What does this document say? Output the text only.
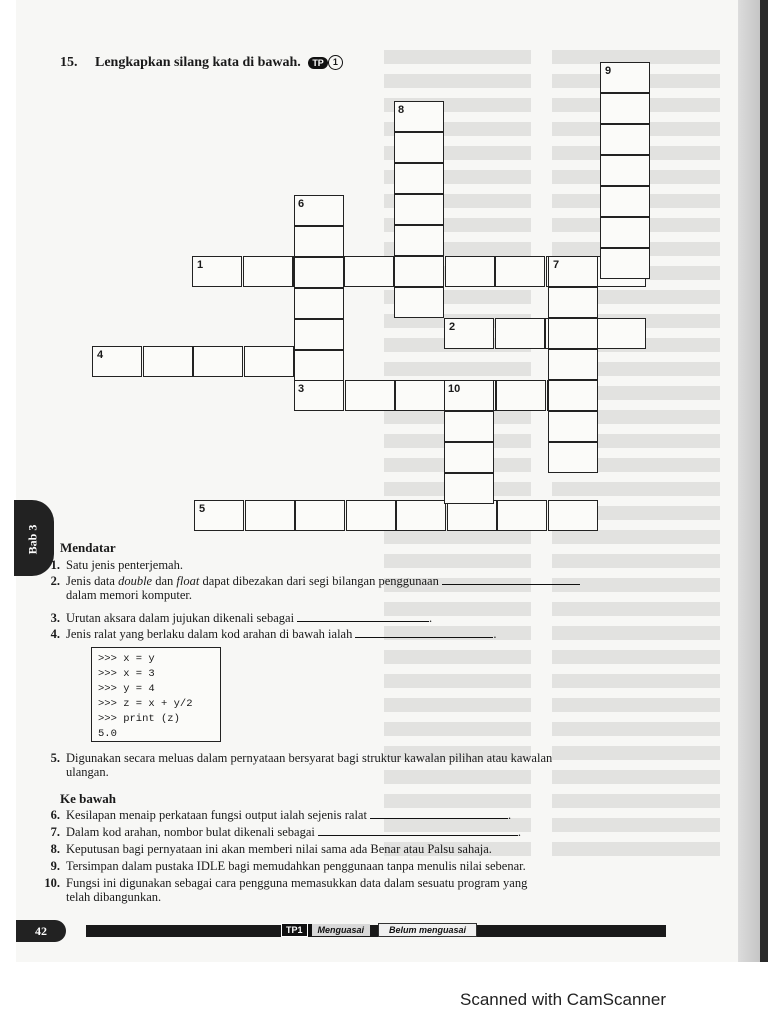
15. Lengkapkan silang kata di bawah. TP 1
1
2
3
4
5
6
7
8
9
10
Bab 3 Mendatar
1. Satu jenis penterjemah.
2. Jenis data double dan float dapat dibezakan dari segi bilangan penggunaan
dalam memori komputer.
3. Urutan aksara dalam jujukan dikenali sebagai	.
4. Jenis ralat yang berlaku dalam kod arahan di bawah ialah	.
>>> x = y
>>> x = 3
>>> y = 4
>>> z = x + y/2
>>> print (z)
5.0
5. Digunakan secara meluas dalam pernyataan bersyarat bagi struktur kawalan pilihan atau kawalan
ulangan.
Ke bawah
6. Kesilapan menaip perkataan fungsi output ialah sejenis ralat	.
7. Dalam kod arahan, nombor bulat dikenali sebagai	.
8. Keputusan bagi pernyataan ini akan memberi nilai sama ada Benar atau Palsu sahaja.
9. Tersimpan dalam pustaka IDLE bagi memudahkan penggunaan tanpa menulis nilai sebenar.
10. Fungsi ini digunakan sebagai cara pengguna memasukkan data dalam sesuatu program yang
telah dibangunkan.
42	TP1	Menguasai	Belum menguasai
Scanned with CamScanner
